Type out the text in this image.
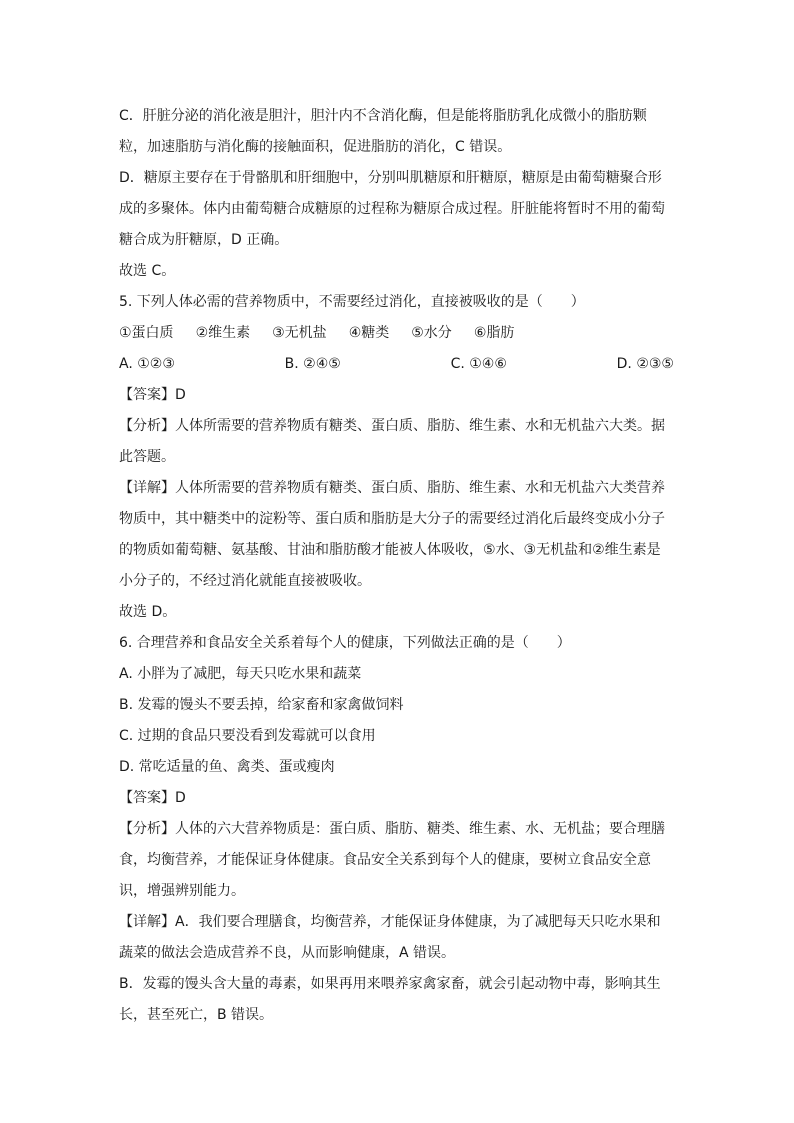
C．肝脏分泌的消化液是胆汁，胆汁内不含消化酶，但是能将脂肪乳化成微小的脂肪颗

粒，加速脂肪与消化酶的接触面积，促进脂肪的消化，C 错误。

D．糖原主要存在于骨骼肌和肝细胞中，分别叫肌糖原和肝糖原，糖原是由葡萄糖聚合形

成的多聚体。体内由葡萄糖合成糖原的过程称为糖原合成过程。肝脏能将暂时不用的葡萄

糖合成为肝糖原，D 正确。

故选 C。

5. 下列人体必需的营养物质中，不需要经过消化，直接被吸收的是（　　）

①蛋白质 ②维生素 ③无机盐 ④糖类 ⑤水分 ⑥脂肪
A. ①②③	B. ②④⑤	C. ①④⑥	D. ②③⑤

【答案】D

【分析】人体所需要的营养物质有糖类、蛋白质、脂肪、维生素、水和无机盐六大类。据

此答题。

【详解】人体所需要的营养物质有糖类、蛋白质、脂肪、维生素、水和无机盐六大类营养

物质中，其中糖类中的淀粉等、蛋白质和脂肪是大分子的需要经过消化后最终变成小分子

的物质如葡萄糖、氨基酸、甘油和脂肪酸才能被人体吸收，⑤水、③无机盐和②维生素是

小分子的，不经过消化就能直接被吸收。

故选 D。

6. 合理营养和食品安全关系着每个人的健康，下列做法正确的是（　　）

A. 小胖为了减肥，每天只吃水果和蔬菜

B. 发霉的馒头不要丢掉，给家畜和家禽做饲料

C. 过期的食品只要没看到发霉就可以食用

D. 常吃适量的鱼、禽类、蛋或瘦肉

【答案】D

【分析】人体的六大营养物质是：蛋白质、脂肪、糖类、维生素、水、无机盐；要合理膳

食，均衡营养，才能保证身体健康。食品安全关系到每个人的健康，要树立食品安全意

识，增强辨别能力。

【详解】A．我们要合理膳食，均衡营养，才能保证身体健康，为了减肥每天只吃水果和

蔬菜的做法会造成营养不良，从而影响健康，A 错误。

B．发霉的馒头含大量的毒素，如果再用来喂养家禽家畜，就会引起动物中毒，影响其生

长，甚至死亡，B 错误。
